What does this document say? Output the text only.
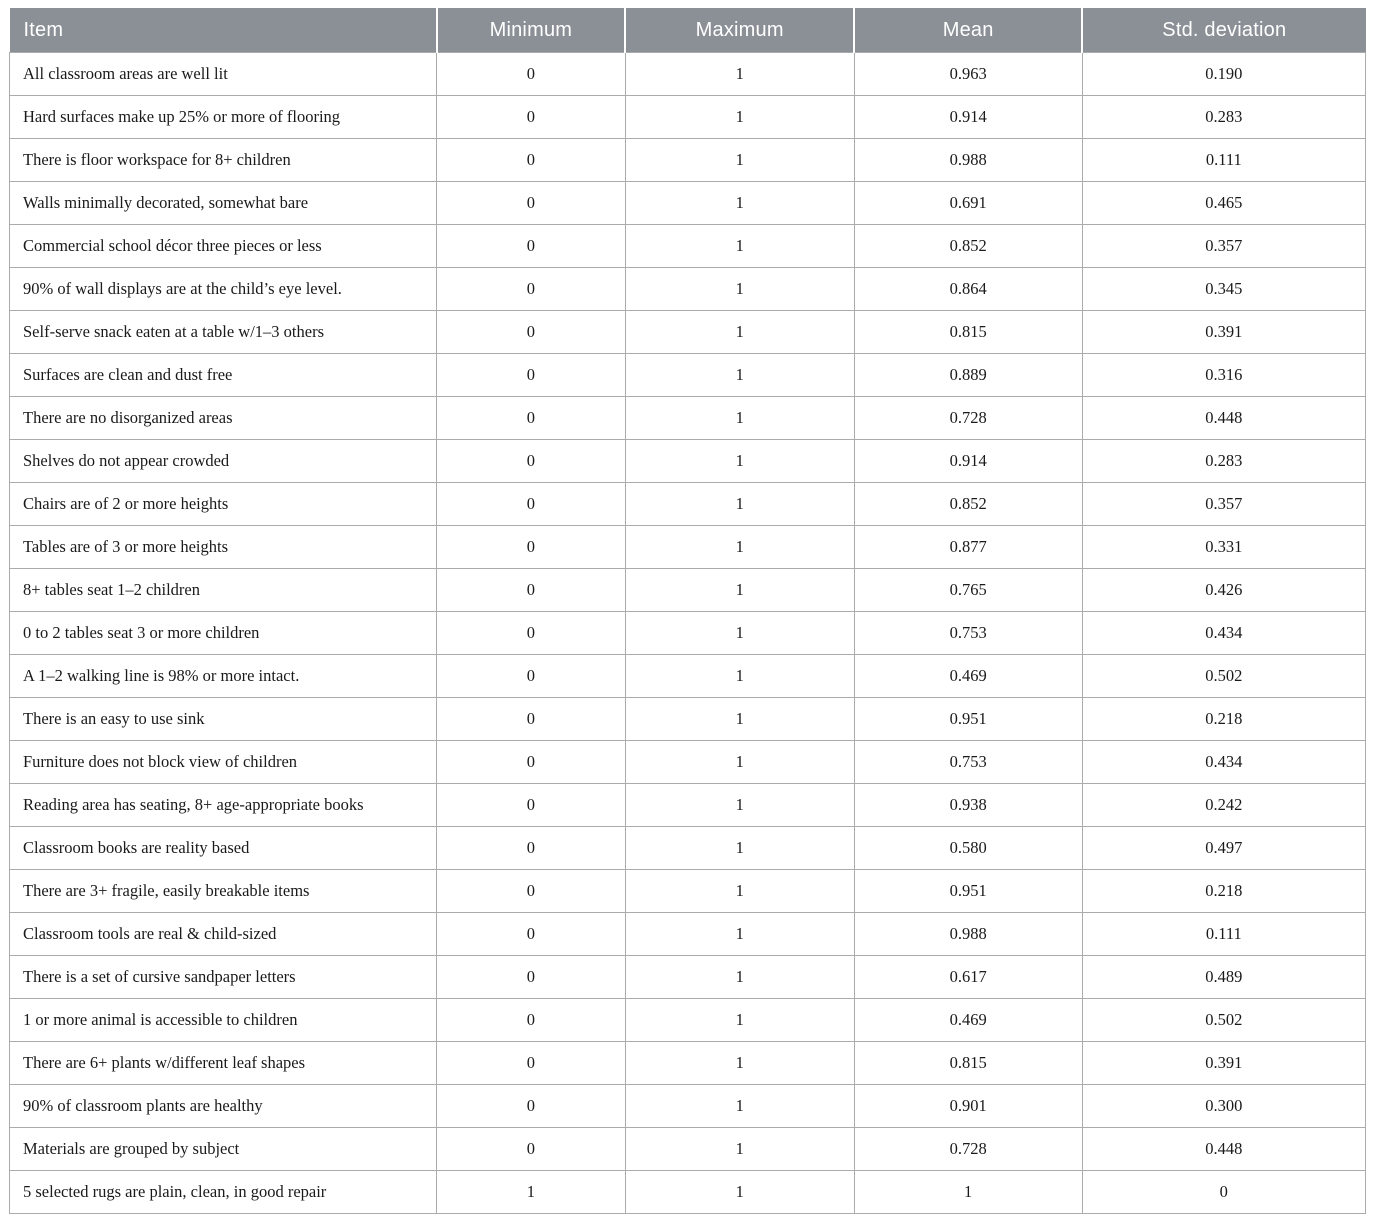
Item	Minimum	Maximum	Mean	Std. deviation
All classroom areas are well lit	0	1	0.963	0.190
Hard surfaces make up 25% or more of flooring	0	1	0.914	0.283
There is floor workspace for 8+ children	0	1	0.988	0.111
Walls minimally decorated, somewhat bare	0	1	0.691	0.465
Commercial school décor three pieces or less	0	1	0.852	0.357
90% of wall displays are at the child’s eye level.	0	1	0.864	0.345
Self-serve snack eaten at a table w/1–3 others	0	1	0.815	0.391
Surfaces are clean and dust free	0	1	0.889	0.316
There are no disorganized areas	0	1	0.728	0.448
Shelves do not appear crowded	0	1	0.914	0.283
Chairs are of 2 or more heights	0	1	0.852	0.357
Tables are of 3 or more heights	0	1	0.877	0.331
8+ tables seat 1–2 children	0	1	0.765	0.426
0 to 2 tables seat 3 or more children	0	1	0.753	0.434
A 1–2 walking line is 98% or more intact.	0	1	0.469	0.502
There is an easy to use sink	0	1	0.951	0.218
Furniture does not block view of children	0	1	0.753	0.434
Reading area has seating, 8+ age-appropriate books	0	1	0.938	0.242
Classroom books are reality based	0	1	0.580	0.497
There are 3+ fragile, easily breakable items	0	1	0.951	0.218
Classroom tools are real & child-sized	0	1	0.988	0.111
There is a set of cursive sandpaper letters	0	1	0.617	0.489
1 or more animal is accessible to children	0	1	0.469	0.502
There are 6+ plants w/different leaf shapes	0	1	0.815	0.391
90% of classroom plants are healthy	0	1	0.901	0.300
Materials are grouped by subject	0	1	0.728	0.448
5 selected rugs are plain, clean, in good repair	1	1	1	0
